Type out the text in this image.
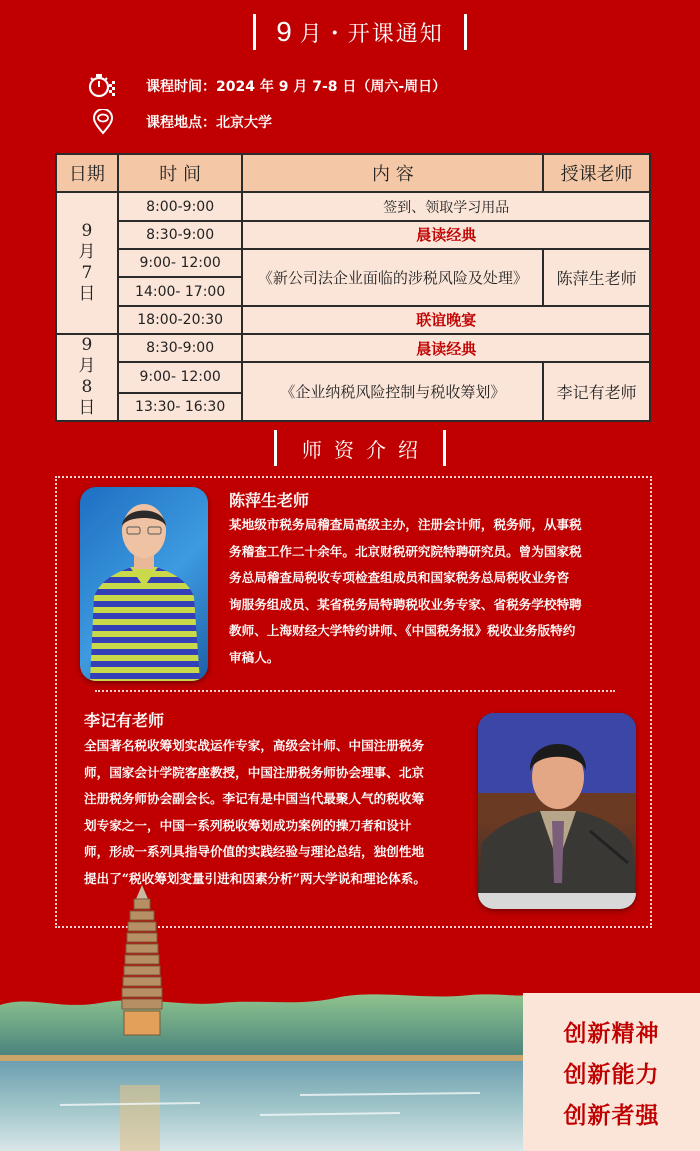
9 月・开课通知
课程时间：2024 年 9 月 7-8 日（周六-周日）
课程地点：北京大学
日期	时 间	内 容	授课老师

9
月
7
日	8:00-9:00	签到、领取学习用品	
	8:30-9:00	晨读经典	
	9:00- 12:00	《新公司法企业面临的涉税风险及处理》	陈萍生老师
	14:00- 17:00		
	18:00-20:30	联谊晚宴	

9
月
8
日	8:30-9:00	晨读经典	
	9:00- 12:00	《企业纳税风险控制与税收筹划》	李记有老师
	13:30- 16:30		
师资介绍
陈萍生老师
某地级市税务局稽查局高级主办，注册会计师，税务师，从事税
务稽查工作二十余年。北京财税研究院特聘研究员。曾为国家税
务总局稽查局税收专项检查组成员和国家税务总局税收业务咨
询服务组成员、某省税务局特聘税收业务专家、省税务学校特聘
教师、上海财经大学特约讲师、《中国税务报》税收业务版特约
审稿人。
李记有老师
全国著名税收筹划实战运作专家，高级会计师、中国注册税务
师，国家会计学院客座教授，中国注册税务师协会理事、北京
注册税务师协会副会长。李记有是中国当代最聚人气的税收筹
划专家之一，中国一系列税收筹划成功案例的操刀者和设计
师，形成一系列具指导价值的实践经验与理论总结，独创性地
提出了“税收筹划变量引进和因素分析”两大学说和理论体系。
创新精神
创新能力
创新者强
